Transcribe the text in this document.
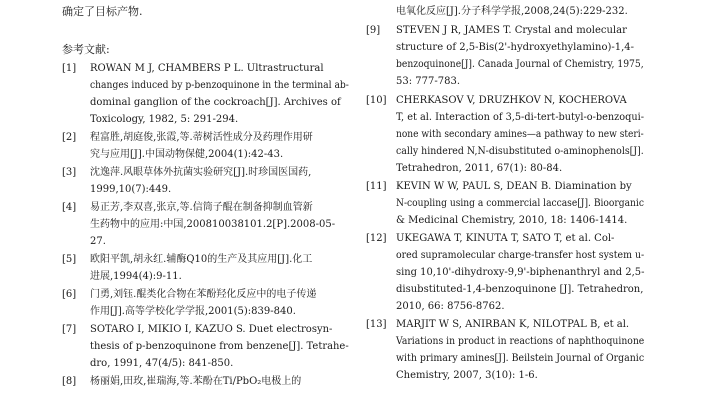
确定了目标产物.
参考文献:
[1] ROWAN M J, CHAMBERS P L. Ultrastructural
changes induced by p-benzoquinone in the terminal ab-
dominal ganglion of the cockroach[J]. Archives of
Toxicology, 1982, 5: 291-294.
[2] 程富胜,胡庭俊,张霞,等.蒂树活性成分及药理作用研
究与应用[J].中国动物保健,2004(1):42-43.
[3] 沈逸萍.风眼草体外抗菌实验研究[J].时珍国医国药,
1999,10(7):449.
[4] 易正芳,李双喜,张京,等.信筒子醌在制备抑制血管新
生药物中的应用:中国,200810038101.2[P].2008-05-
27.
[5] 欧阳平凯,胡永红.辅酶Q10的生产及其应用[J].化工
进展,1994(4):9-11.
[6] 门勇,刘钰.醌类化合物在苯酚羟化反应中的电子传递
作用[J].高等学校化学学报,2001(5):839-840.
[7] SOTARO I, MIKIO I, KAZUO S. Duet electrosyn-
thesis of p-benzoquinone from benzene[J]. Tetrahe-
dro, 1991, 47(4/5): 841-850.
[8] 杨丽娟,田玫,崔瑞海,等.苯酚在Ti/PbO₂电极上的
电氧化反应[J].分子科学学报,2008,24(5):229-232.
[9] STEVEN J R, JAMES T. Crystal and molecular
structure of 2,5-Bis(2'-hydroxyethylamino)-1,4-
benzoquinone[J]. Canada Journal of Chemistry, 1975,
53: 777-783.
[10] CHERKASOV V, DRUZHKOV N, KOCHEROVA
T, et al. Interaction of 3,5-di-tert-butyl-o-benzoqui-
none with secondary amines—a pathway to new steri-
cally hindered N,N-disubstituted o-aminophenols[J].
Tetrahedron, 2011, 67(1): 80-84.
[11] KEVIN W W, PAUL S, DEAN B. Diamination by
N-coupling using a commercial laccase[J]. Bioorganic
& Medicinal Chemistry, 2010, 18: 1406-1414.
[12] UKEGAWA T, KINUTA T, SATO T, et al. Col-
ored supramolecular charge-transfer host system u-
sing 10,10'-dihydroxy-9,9'-biphenanthryl and 2,5-
disubstituted-1,4-benzoquinone [J]. Tetrahedron,
2010, 66: 8756-8762.
[13] MARJIT W S, ANIRBAN K, NILOTPAL B, et al.
Variations in product in reactions of naphthoquinone
with primary amines[J]. Beilstein Journal of Organic
Chemistry, 2007, 3(10): 1-6.
